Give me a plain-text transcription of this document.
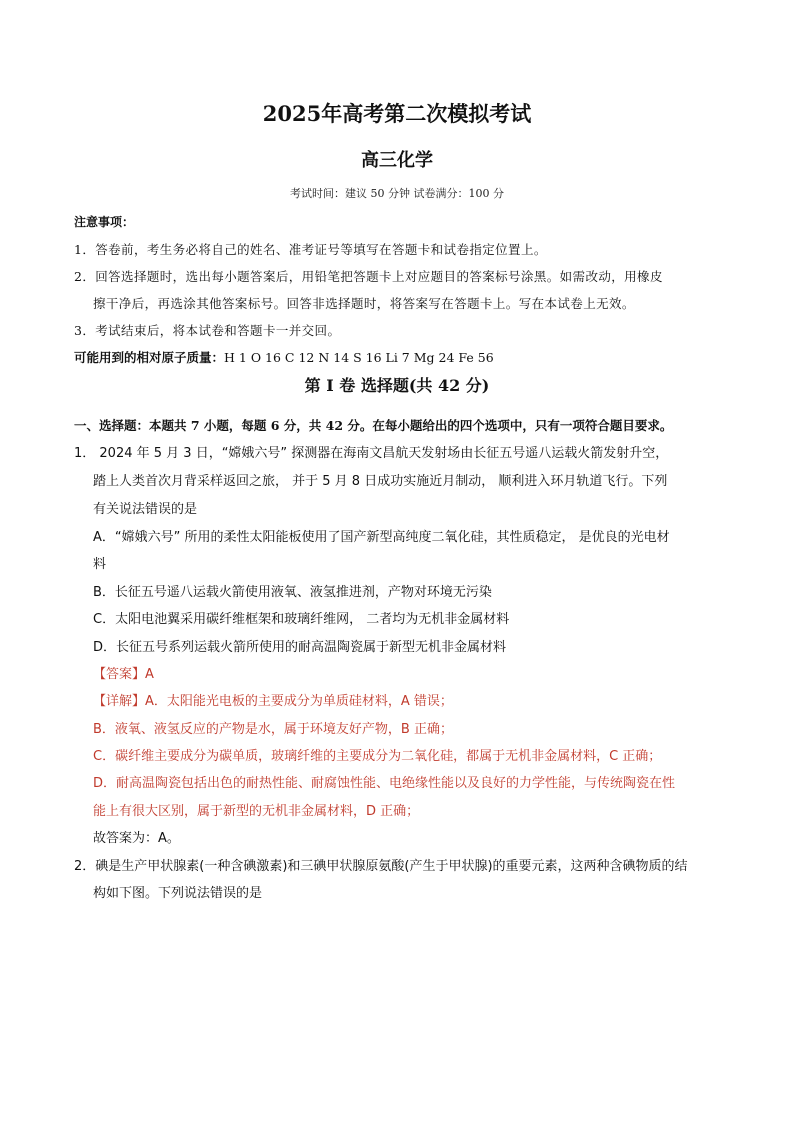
2025年高考第二次模拟考试
高三化学
考试时间：建议 50 分钟 试卷满分：100 分
注意事项：
1．答卷前，考生务必将自己的姓名、准考证号等填写在答题卡和试卷指定位置上。
2．回答选择题时，选出每小题答案后，用铅笔把答题卡上对应题目的答案标号涂黑。如需改动，用橡皮
擦干净后，再选涂其他答案标号。回答非选择题时，将答案写在答题卡上。写在本试卷上无效。
3．考试结束后，将本试卷和答题卡一并交回。
可能用到的相对原子质量：H 1 O 16 C 12 N 14 S 16 Li 7 Mg 24 Fe 56
第 I 卷 选择题(共 42 分)
一、选择题：本题共 7 小题，每题 6 分，共 42 分。在每小题给出的四个选项中，只有一项符合题目要求。
1． 2024 年 5 月 3 日，“嫦娥六号” 探测器在海南文昌航天发射场由长征五号遥八运载火箭发射升空，
踏上人类首次月背采样返回之旅， 并于 5 月 8 日成功实施近月制动， 顺利进入环月轨道飞行。下列
有关说法错误的是
A．“嫦娥六号” 所用的柔性太阳能板使用了国产新型高纯度二氧化硅，其性质稳定， 是优良的光电材
料
B．长征五号遥八运载火箭使用液氧、液氢推进剂，产物对环境无污染
C．太阳电池翼采用碳纤维框架和玻璃纤维网， 二者均为无机非金属材料
D．长征五号系列运载火箭所使用的耐高温陶瓷属于新型无机非金属材料
【答案】A
【详解】A．太阳能光电板的主要成分为单质硅材料，A 错误；
B．液氧、液氢反应的产物是水，属于环境友好产物，B 正确；
C．碳纤维主要成分为碳单质，玻璃纤维的主要成分为二氧化硅，都属于无机非金属材料，C 正确；
D．耐高温陶瓷包括出色的耐热性能、耐腐蚀性能、电绝缘性能以及良好的力学性能，与传统陶瓷在性
能上有很大区别，属于新型的无机非金属材料，D 正确；
故答案为：A。
2．碘是生产甲状腺素(一种含碘激素)和三碘甲状腺原氨酸(产生于甲状腺)的重要元素，这两种含碘物质的结
构如下图。下列说法错误的是
